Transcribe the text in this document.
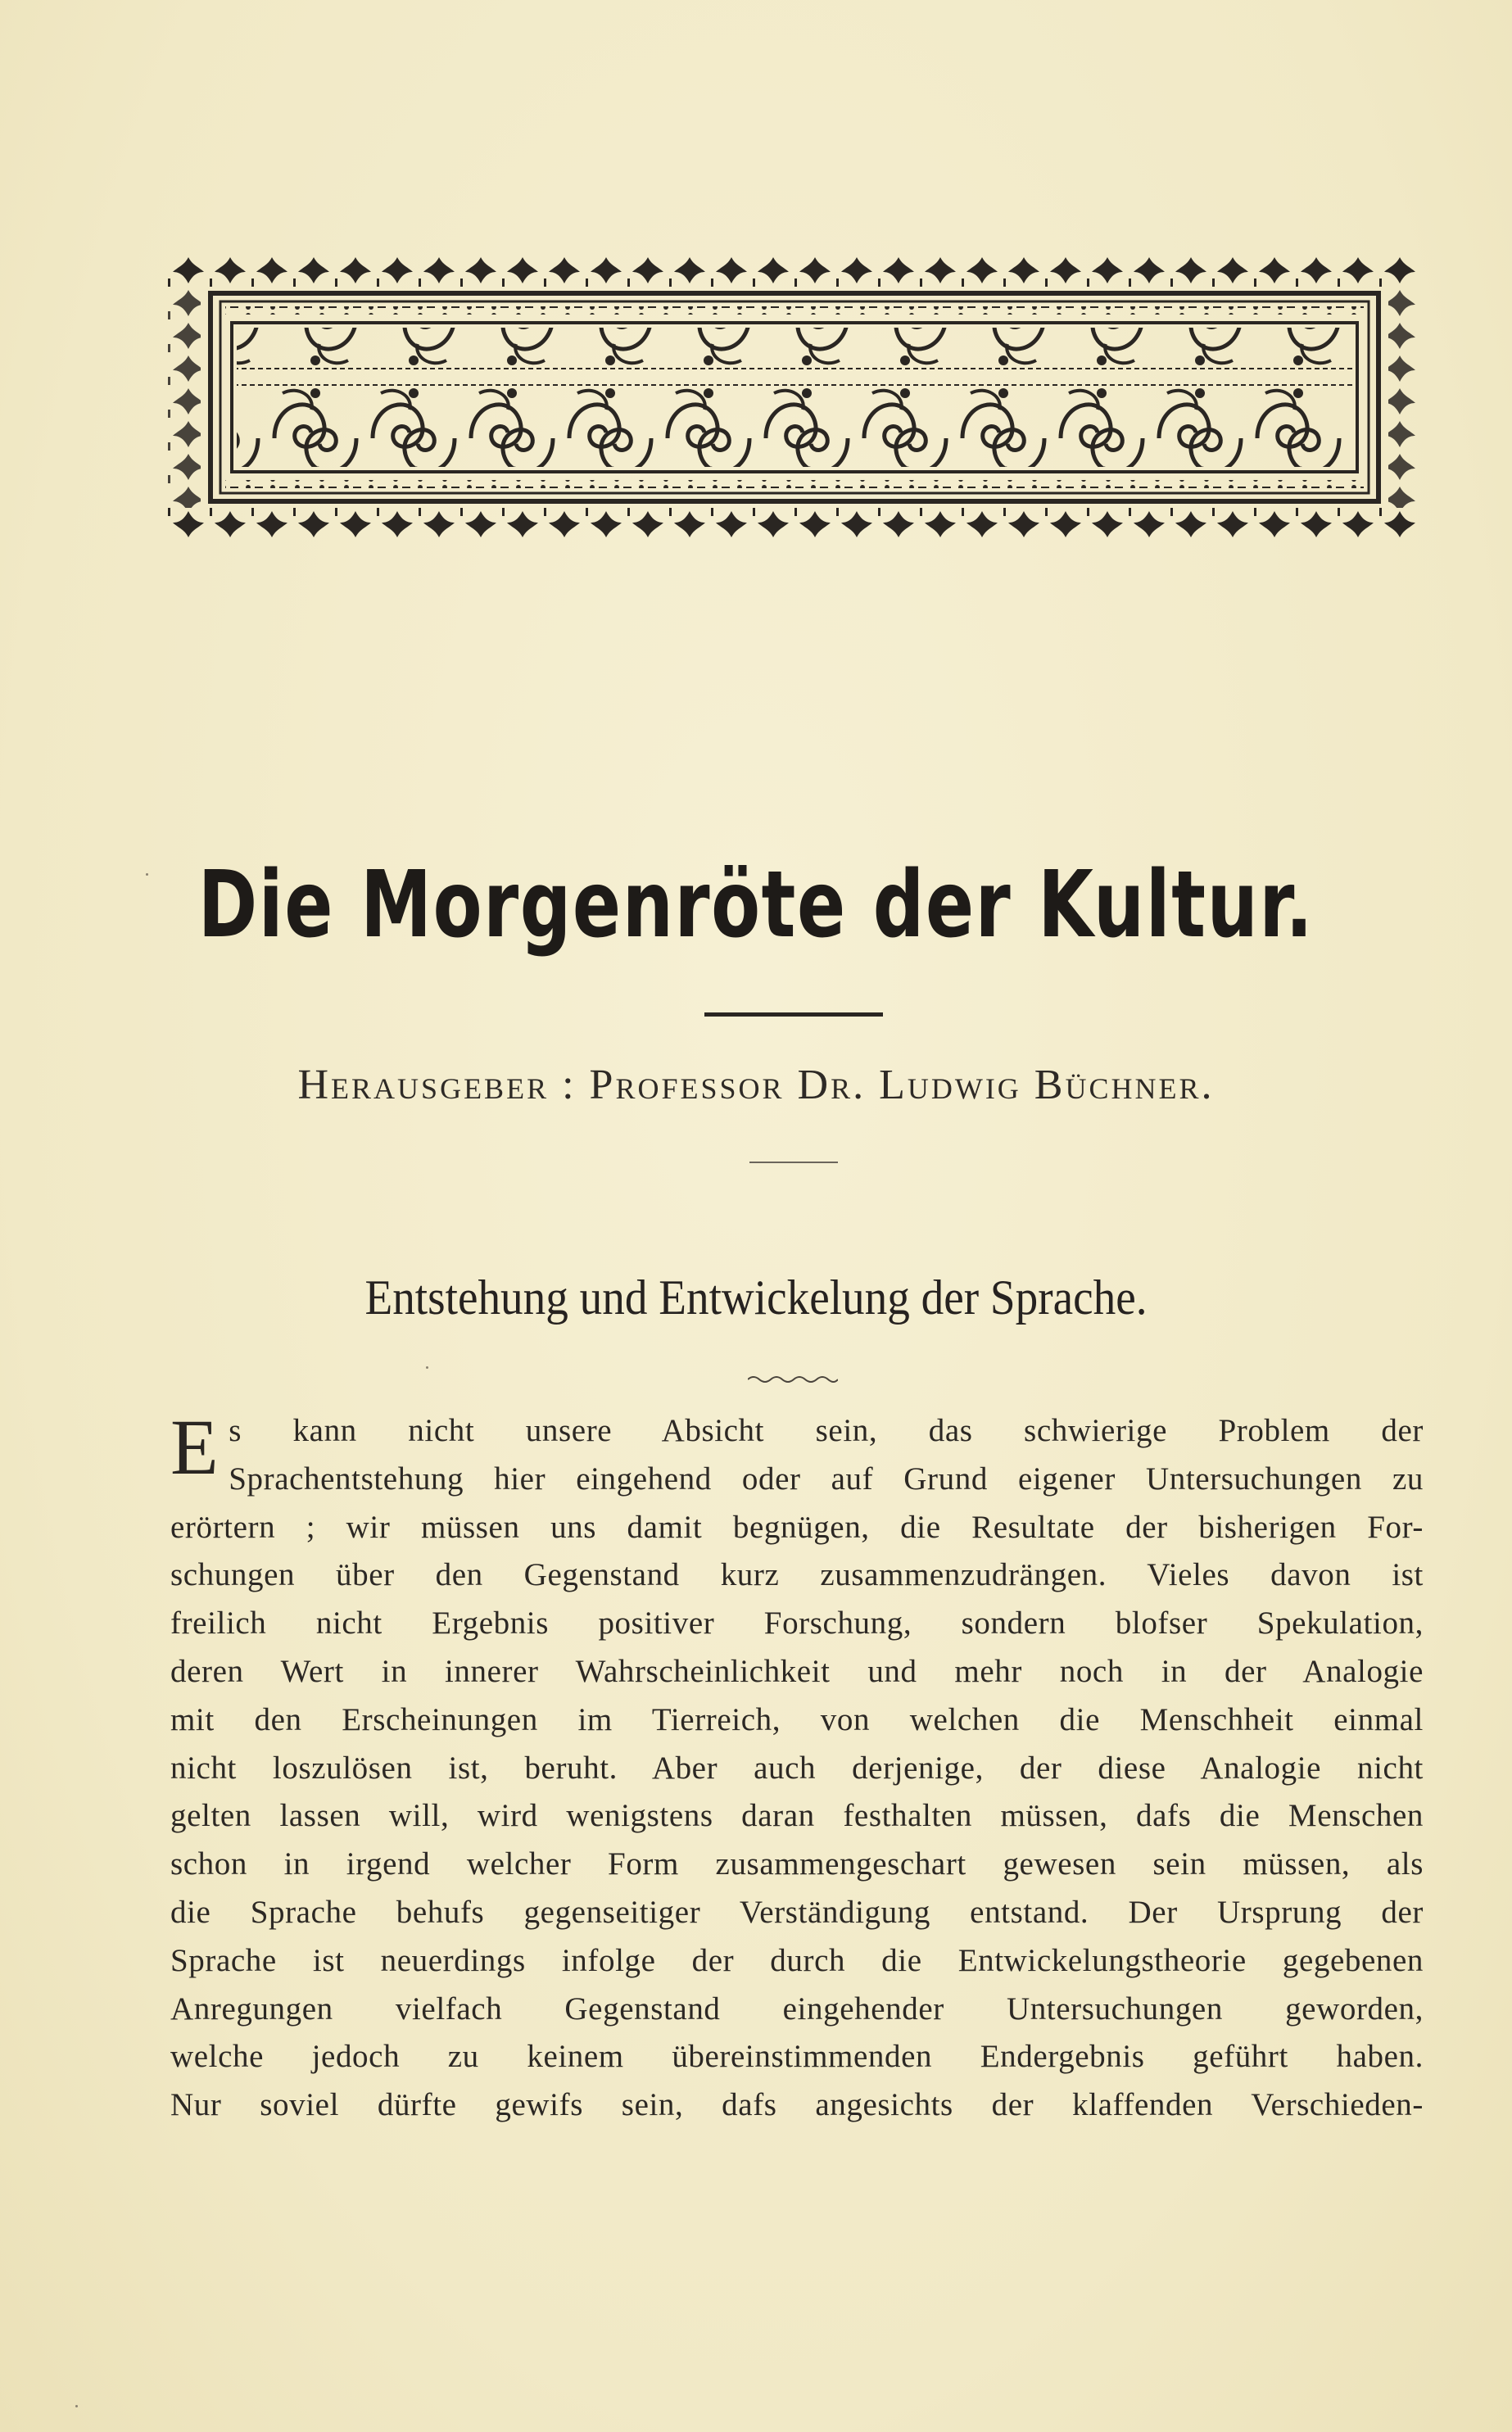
Die Morgenröte der Kultur.
Herausgeber : Professor Dr. Ludwig Büchner.
Entstehung und Entwickelung der Sprache.
E s kann nicht unsere Absicht sein, das schwierige Problem der
Sprachentstehung hier eingehend oder auf Grund eigener Untersuchungen zu
erörtern ; wir müssen uns damit begnügen, die Resultate der bisherigen For-
schungen über den Gegenstand kurz zusammenzudrängen. Vieles davon ist
freilich nicht Ergebnis positiver Forschung, sondern blofser Spekulation,
deren Wert in innerer Wahrscheinlichkeit und mehr noch in der Analogie
mit den Erscheinungen im Tierreich, von welchen die Menschheit einmal
nicht loszulösen ist, beruht. Aber auch derjenige, der diese Analogie nicht
gelten lassen will, wird wenigstens daran festhalten müssen, dafs die Menschen
schon in irgend welcher Form zusammengeschart gewesen sein müssen, als
die Sprache behufs gegenseitiger Verständigung entstand. Der Ursprung der
Sprache ist neuerdings infolge der durch die Entwickelungstheorie gegebenen
Anregungen vielfach Gegenstand eingehender Untersuchungen geworden,
welche jedoch zu keinem übereinstimmenden Endergebnis geführt haben.
Nur soviel dürfte gewifs sein, dafs angesichts der klaffenden Verschieden-
